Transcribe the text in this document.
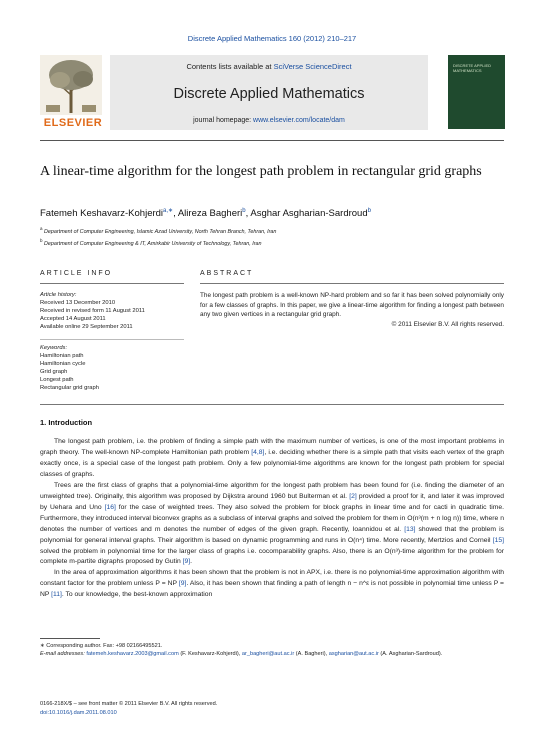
Discrete Applied Mathematics 160 (2012) 210–217
Contents lists available at SciVerse ScienceDirect
Discrete Applied Mathematics
journal homepage: www.elsevier.com/locate/dam
ELSEVIER
DISCRETE APPLIED MATHEMATICS
A linear-time algorithm for the longest path problem in rectangular grid graphs
Fatemeh Keshavarz-Kohjerdi$^{a,∗}$, Alireza Bagheri$^b$, Asghar Asgharian-Sardroud$^b$
$^a$ Department of Computer Engineering, Islamic Azad University, North Tehran Branch, Tehran, Iran
$^b$ Department of Computer Engineering & IT, Amirkabir University of Technology, Tehran, Iran
ARTICLE INFO	ABSTRACT
Article history:
Received 13 December 2010
Received in revised form 11 August 2011
Accepted 14 August 2011
Available online 29 September 2011
Keywords:
Hamiltonian path
Hamiltonian cycle
Grid graph
Longest path
Rectangular grid graph
The longest path problem is a well-known NP-hard problem and so far it has been solved polynomially only for a few classes of graphs. In this paper, we give a linear-time algorithm for finding a longest path between any two given vertices in a rectangular grid graph.
© 2011 Elsevier B.V. All rights reserved.
1. Introduction

The longest path problem, i.e. the problem of finding a simple path with the maximum number of vertices, is one of the most important problems in graph theory. The well-known NP-complete Hamiltonian path problem [4,8], i.e. deciding whether there is a simple path that visits each vertex of the graph exactly once, is a special case of the longest path problem. Only a few polynomial-time algorithms are known for the longest path problem for special classes of graphs.

Trees are the first class of graphs that a polynomial-time algorithm for the longest path problem has been found for (i.e. finding the diameter of an unweighted tree). Originally, this algorithm was proposed by Dijkstra around 1960 but Bulterman et al. [2] provided a proof for it, and later it was improved by Uehara and Uno [16] for the case of weighted trees. They also solved the problem for block graphs in linear time and for cacti in quadratic time. Furthermore, they introduced interval biconvex graphs as a subclass of interval graphs and solved the problem for them in O(n³(m + n log n)) time, where n denotes the number of vertices and m denotes the number of edges of the given graph. Recently, Ioannidou et al. [13] showed that the problem is polynomial for general interval graphs. Their algorithm is based on dynamic programming and runs in O(n⁴) time. More recently, Mertzios and Corneil [15] solved the problem in polynomial time for the larger class of graphs i.e. cocomparability graphs. Also, there is an O(n³)-time algorithm for the problem for complete m-partite digraphs proposed by Gutin [9].

In the area of approximation algorithms it has been shown that the problem is not in APX, i.e. there is no polynomial-time approximation algorithm with constant factor for the problem unless P = NP [9]. Also, it has been shown that finding a path of length n − n^ε is not possible in polynomial time unless P = NP [11]. To our knowledge, the best-known approximation

∗ Corresponding author. Fax: +98 02166495521.
E-mail addresses: fatemeh.keshavarz.2003@gmail.com (F. Keshavarz-Kohjerdi), ar_bagheri@aut.ac.ir (A. Bagheri), asgharian@aut.ac.ir (A. Asgharian-Sardroud).
0166-218X/$ – see front matter © 2011 Elsevier B.V. All rights reserved.
doi:10.1016/j.dam.2011.08.010
